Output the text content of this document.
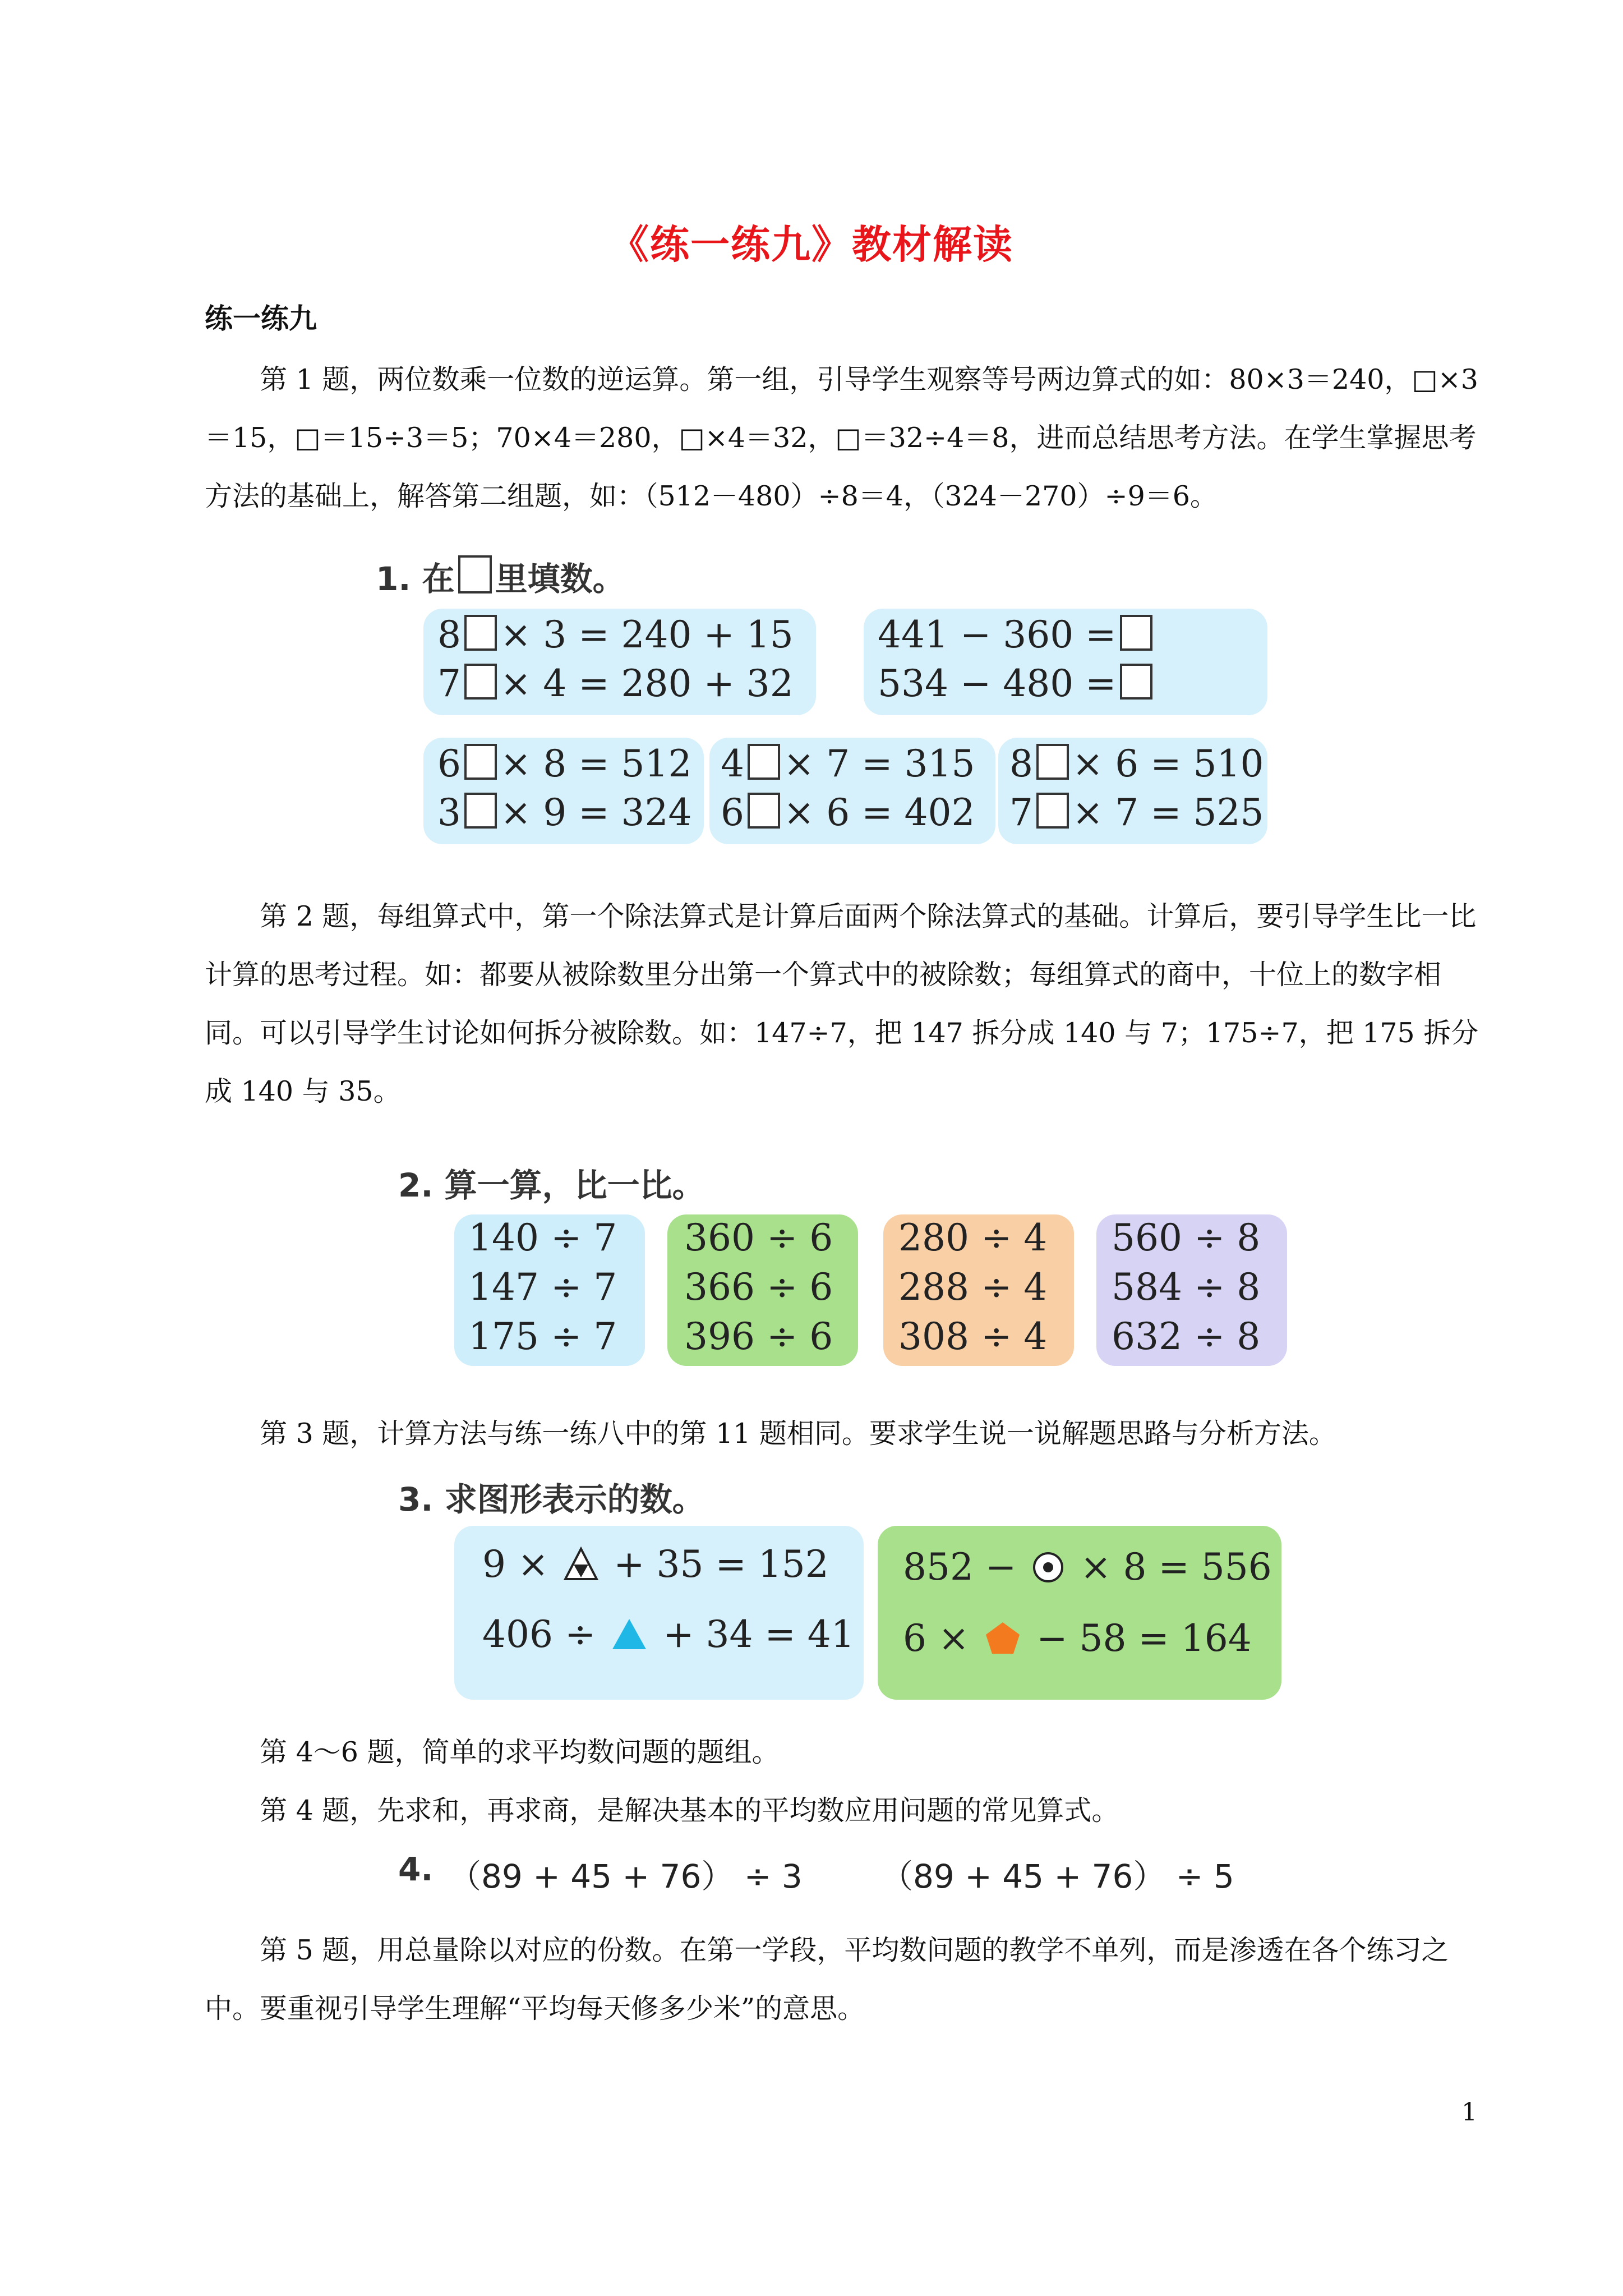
《练一练九》教材解读
练一练九
第 1 题，两位数乘一位数的逆运算。第一组，引导学生观察等号两边算式的如：80×3＝240，□×3＝15，□＝15÷3＝5；70×4＝280，□×4＝32，□＝32÷4＝8，进而总结思考方法。在学生掌握思考方法的基础上，解答第二组题，如：（512－480）÷8＝4，（324－270）÷9＝6。
1. 在 里填数。
8 × 3 = 240 + 15
7 × 4 = 280 + 32
441 − 360 =
534 − 480 =
6 × 8 = 512
3 × 9 = 324
4 × 7 = 315
6 × 6 = 402
8 × 6 = 510
7 × 7 = 525
第 2 题，每组算式中，第一个除法算式是计算后面两个除法算式的基础。计算后，要引导学生比一比计算的思考过程。如：都要从被除数里分出第一个算式中的被除数；每组算式的商中，十位上的数字相同。可以引导学生讨论如何拆分被除数。如：147÷7，把 147 拆分成 140 与 7；175÷7，把 175 拆分成 140 与 35。
2. 算一算，比一比。
140 ÷ 7
147 ÷ 7
175 ÷ 7
360 ÷ 6
366 ÷ 6
396 ÷ 6
280 ÷ 4
288 ÷ 4
308 ÷ 4
560 ÷ 8
584 ÷ 8
632 ÷ 8
第 3 题，计算方法与练一练八中的第 11 题相同。要求学生说一说解题思路与分析方法。
3. 求图形表示的数。
9 × + 35 = 152
406 ÷ + 34 = 41
852 − × 8 = 556
6 × − 58 = 164
第 4～6 题，简单的求平均数问题的题组。
第 4 题，先求和，再求商，是解决基本的平均数应用问题的常见算式。
4. （89 + 45 + 76） ÷ 3 （89 + 45 + 76） ÷ 5
第 5 题，用总量除以对应的份数。在第一学段，平均数问题的教学不单列，而是渗透在各个练习之中。要重视引导学生理解“平均每天修多少米”的意思。
1
